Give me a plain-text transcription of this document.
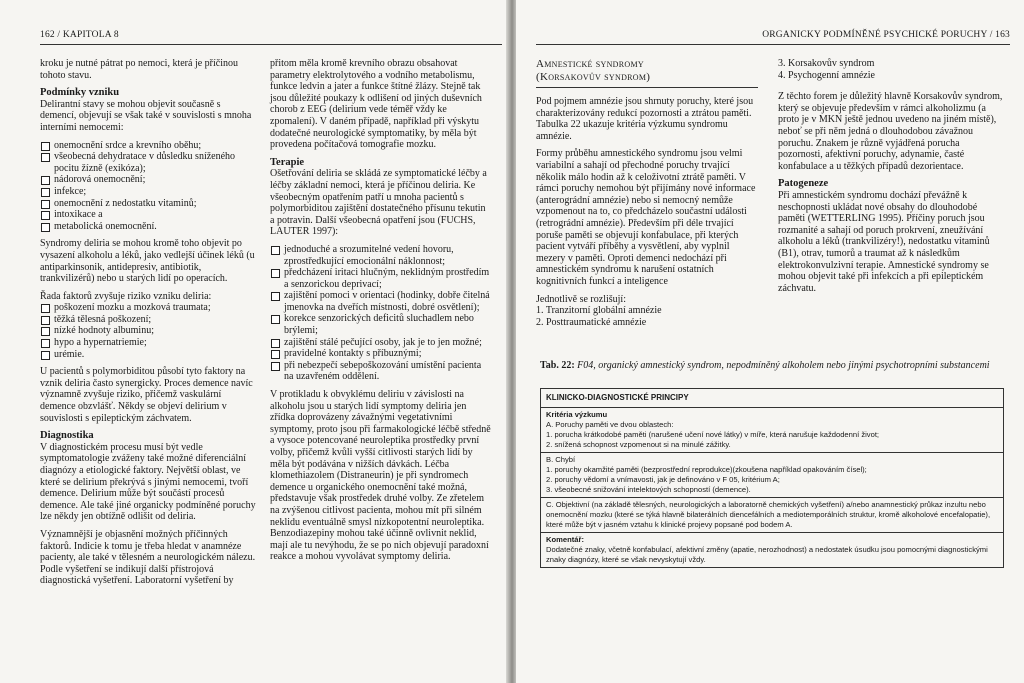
162 / KAPITOLA 8

kroku je nutné pátrat po nemoci, která je příčinou tohoto stavu.

Podmínky vzniku

Delirantní stavy se mohou objevit současně s demencí, objevují se však také v souvislosti s mnoha interními nemocemi:

onemocnění srdce a krevního oběhu;
všeobecná dehydratace v důsledku sníženého pocitu žízně (exikóza);
nádorová onemocnění;
infekce;
onemocnění z nedostatku vitaminů;
intoxikace a
metabolická onemocnění.

Syndromy deliria se mohou kromě toho objevit po vysazení alkoholu a léků, jako vedlejší účinek léků (u antiparkinsonik, antidepresiv, antibiotik, trankvilizérů) nebo u starých lidí po operacích.

Řada faktorů zvyšuje riziko vzniku deliria:

poškození mozku a mozková traumata;
těžká tělesná poškození;
nízké hodnoty albuminu;
hypo a hypernatriemie;
urémie.

U pacientů s polymorbiditou působí tyto faktory na vznik deliria často synergicky. Proces demence navíc významně zvyšuje riziko, přičemž vaskulární demence obzvlášť. Někdy se objeví delirium v souvislosti s epileptickým záchvatem.

Diagnostika

V diagnostickém procesu musí být vedle symptomatologie zváženy také možné diferenciální diagnózy a etiologické faktory. Největší oblast, ve které se delirium překrývá s jinými nemocemi, tvoří demence. Delirium může být součástí procesů demence. Ale také jiné organicky podmíněné poruchy lze někdy jen obtížně odlišit od deliria.

Významnější je objasnění možných příčinných faktorů. Indicie k tomu je třeba hledat v anamnéze pacienty, ale také v tělesném a neurologickém nálezu. Podle vyšetření se indikují další přístrojová diagnostická vyšetření. Laboratorní vyšetření by

přitom měla kromě krevního obrazu obsahovat parametry elektrolytového a vodního metabolismu, funkce ledvin a jater a funkce štítné žlázy. Stejně tak jsou důležité poukazy k odlišení od jiných duševních chorob z EEG (delirium vede téměř vždy ke zpomalení). V daném případě, například při výskytu dodatečné neurologické symptomatiky, by měla být provedena počítačová tomografie mozku.

Terapie

Ošetřování deliria se skládá ze symptomatické léčby a léčby základní nemoci, která je příčinou deliria. Ke všeobecným opatřením patří u mnoha pacientů s polymorbiditou zajištění dostatečného přísunu tekutin a potravin. Další všeobecná opatření jsou (FUCHS, LAUTER 1997):

jednoduché a srozumitelné vedení hovoru, zprostředkující emocionální náklonnost;
předcházení iritaci hlučným, neklidným prostředím a senzorickou deprivací;
zajištění pomoci v orientaci (hodinky, dobře čitelná jmenovka na dveřích místnosti, dobré osvětlení);
korekce senzorických deficitů sluchadlem nebo brýlemi;
zajištění stálé pečující osoby, jak je to jen možné;
pravidelné kontakty s příbuznými;
při nebezpečí sebepoškozování umístění pacienta na uzavřeném oddělení.

V protikladu k obvyklému deliriu v závislosti na alkoholu jsou u starých lidí symptomy deliria jen zřídka doprovázeny závažnými vegetativními symptomy, proto jsou při farmakologické léčbě středně a vysoce potencované neuroleptika prostředky první volby, přičemž kvůli vyšší citlivosti starých lidí by měla být podávána v nižších dávkách. Léčba klomethiazolem (Distraneurin) je při syndromech demence u organického onemocnění také možná, představuje však prostředek druhé volby. Ze zřetelem na zvýšenou citlivost pacienta, mohou mít při silném neklidu eventuálně smysl nízkopotentní neuroleptika. Benzodiazepiny mohou také účinně ovlivnit neklid, mají ale tu nevýhodu, že se po nich objevují paradoxní reakce a mohou vyvolávat symptomy deliria.

ORGANICKY PODMÍNĚNÉ PSYCHICKÉ PORUCHY / 163
Amnestické syndromy
(Korsakovův syndrom)

Pod pojmem amnézie jsou shrnuty poruchy, které jsou charakterizovány redukcí pozornosti a ztrátou paměti. Tabulka 22 ukazuje kritéria výzkumu syndromu amnézie.

Formy průběhu amnestického syndromu jsou velmi variabilní a sahají od přechodné poruchy trvající několik málo hodin až k celoživotní ztrátě paměti. V rámci poruchy nemohou být přijímány nové informace (anterográdní amnézie) nebo si nemocný nemůže vzpomenout na to, co předcházelo součastní události (retrográdní amnézie). Především při déle trvající poruše paměti se objevují konfabulace, při kterých pacient vytváří příběhy a vysvětlení, aby vyplnil mezery v paměti. Oproti demenci nedochází při amnestickém syndromu k narušení ostatních kognitivních funkcí a inteligence

Jednotlivě se rozlišují:

1. Tranzitorní globální amnézie
2. Posttraumatické amnézie
3. Korsakovův syndrom
4. Psychogenní amnézie

Z těchto forem je důležitý hlavně Korsakovův syndrom, který se objevuje především v rámci alkoholizmu (a proto je v MKN ještě jednou uvedeno na jiném místě), neboť se při něm jedná o dlouhodobou závažnou poruchu. Znakem je různě vyjádřená porucha pozornosti, afektivní poruchy, adynamie, časté konfabulace a u těžkých případů dezorientace.

Patogeneze

Při amnestickém syndromu dochází převážně k neschopnosti ukládat nové obsahy do dlouhodobé paměti (WETTERLING 1995). Příčiny poruch jsou rozmanité a sahají od poruch prokrvení, zneužívání alkoholu a léků (trankvilizéry!), nedostatku vitaminů (B1), otrav, tumorů a traumat až k následkům elektrokonvulzivní terapie. Amnestické syndromy se mohou objevit také při infekcích a při epileptickém záchvatu.

Tab. 22: F04, organický amnestický syndrom, nepodmíněný alkoholem nebo jinými psychotropními substancemi
KLINICKO-DIAGNOSTICKÉ PRINCIPY
Kritéria výzkumu
A. Poruchy paměti ve dvou oblastech:
1. porucha krátkodobé paměti (narušené učení nové látky) v míře, která narušuje každodenní život;
2. snížená schopnost vzpomenout si na minulé zážitky.
B. Chybí
1. poruchy okamžité paměti (bezprostřední reprodukce)(zkoušena například opakováním čísel);
2. poruchy vědomí a vnímavosti, jak je definováno v F 05, kritérium A;
3. všeobecné snižování intelektových schopností (demence).
C. Objektivní (na základě tělesných, neurologických a laboratorně chemických vyšetření) a/nebo anamnestický průkaz inzultu nebo onemocnění mozku (které se týká hlavně bilaterálních diencefálních a mediotemporálních struktur, kromě alkoholové encefalopatie), které může být v jasném vztahu k klinické projevy popsané pod bodem A.
Komentář:
Dodatečné znaky, včetně konfabulací, afektivní změny (apatie, nerozhodnost) a nedostatek úsudku jsou pomocnými diagnostickými znaky diagnózy, které se však nevyskytují vždy.
